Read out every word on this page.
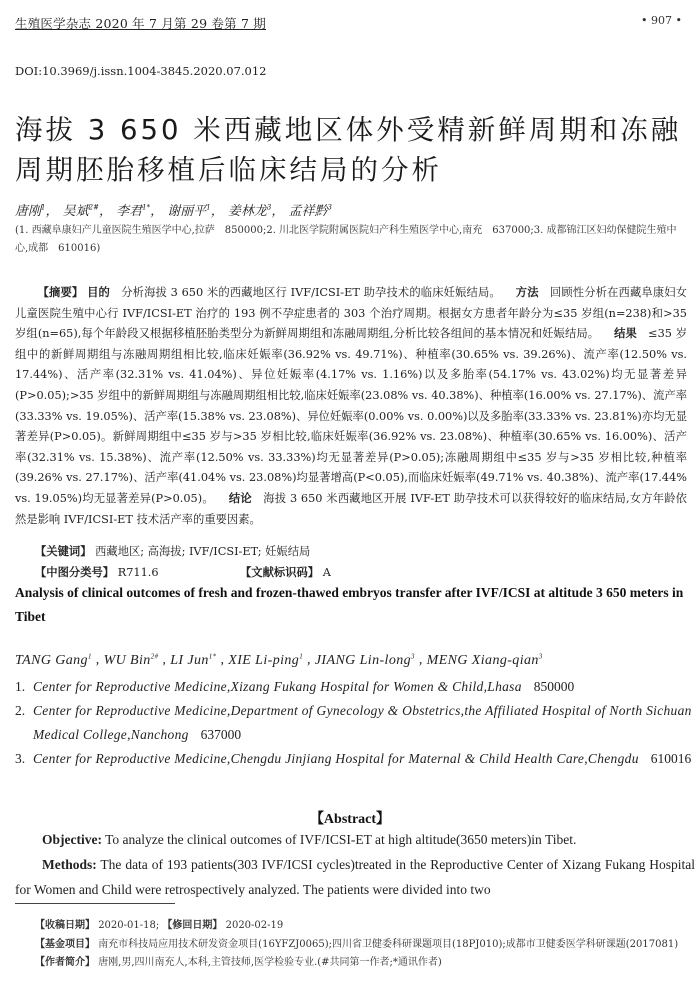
生殖医学杂志 2020 年 7 月第 29 卷第 7 期	• 907 •
DOI:10.3969/j.issn.1004-3845.2020.07.012
海拔 3 650 米西藏地区体外受精新鲜周期和冻融
周期胚胎移植后临床结局的分析
唐刚$^1$， 吴斌$^{2\#}$， 李君$^{1*}$， 谢丽平$^1$， 姜林龙$^3$， 孟祥黔$^3$
(1. 西藏阜康妇产儿童医院生殖医学中心,拉萨　850000;2. 川北医学院附属医院妇产科生殖医学中心,南充　637000;3. 成都锦江区妇幼保健院生殖中心,成都　610016)
【摘要】 目的 分析海拔 3 650 米的西藏地区行 IVF/ICSI-ET 助孕技术的临床妊娠结局。 方法 回顾性分析在西藏阜康妇女儿童医院生殖中心行 IVF/ICSI-ET 治疗的 193 例不孕症患者的 303 个治疗周期。根据女方患者年龄分为≤35 岁组(n=238)和>35 岁组(n=65),每个年龄段又根据移植胚胎类型分为新鲜周期组和冻融周期组,分析比较各组间的基本情况和妊娠结局。 结果 ≤35 岁组中的新鲜周期组与冻融周期组相比较,临床妊娠率(36.92% vs. 49.71%)、种植率(30.65% vs. 39.26%)、流产率(12.50% vs. 17.44%)、活产率(32.31% vs. 41.04%)、异位妊娠率(4.17% vs. 1.16%)以及多胎率(54.17% vs. 43.02%)均无显著差异(P>0.05);>35 岁组中的新鲜周期组与冻融周期组相比较,临床妊娠率(23.08% vs. 40.38%)、种植率(16.00% vs. 27.17%)、流产率(33.33% vs. 19.05%)、活产率(15.38% vs. 23.08%)、异位妊娠率(0.00% vs. 0.00%)以及多胎率(33.33% vs. 23.81%)亦均无显著差异(P>0.05)。新鲜周期组中≤35 岁与>35 岁相比较,临床妊娠率(36.92% vs. 23.08%)、种植率(30.65% vs. 16.00%)、活产率(32.31% vs. 15.38%)、流产率(12.50% vs. 33.33%)均无显著差异(P>0.05);冻融周期组中≤35 岁与>35 岁相比较,种植率(39.26% vs. 27.17%)、活产率(41.04% vs. 23.08%)均显著增高(P<0.05),而临床妊娠率(49.71% vs. 40.38%)、流产率(17.44% vs. 19.05%)均无显著差异(P>0.05)。 结论 海拔 3 650 米西藏地区开展 IVF-ET 助孕技术可以获得较好的临床结局,女方年龄依然是影响 IVF/ICSI-ET 技术活产率的重要因素。
【关键词】 西藏地区; 高海拔; IVF/ICSI-ET; 妊娠结局
【中图分类号】 R711.6	【文献标识码】 A
Analysis of clinical outcomes of fresh and frozen-thawed embryos transfer after IVF/ICSI at altitude 3 650 meters in Tibet
TANG Gang$^1$ , WU Bin$^{2\#}$ , LI Jun$^{1*}$ , XIE Li-ping$^1$ , JIANG Lin-long$^3$ , MENG Xiang-qian$^3$
1. Center for Reproductive Medicine,Xizang Fukang Hospital for Women & Child,Lhasa 850000
2. Center for Reproductive Medicine,Department of Gynecology & Obstetrics,the Affiliated Hospital of North Sichuan Medical College,Nanchong 637000
3. Center for Reproductive Medicine,Chengdu Jinjiang Hospital for Maternal & Child Health Care,Chengdu 610016
【Abstract】
Objective: To analyze the clinical outcomes of IVF/ICSI-ET at high altitude(3650 meters)in Tibet.
Methods: The data of 193 patients(303 IVF/ICSI cycles)treated in the Reproductive Center of Xizang Fukang Hospital for Women and Child were retrospectively analyzed. The patients were divided into two
【收稿日期】 2020-01-18; 【修回日期】 2020-02-19
【基金项目】 南充市科技局应用技术研发资金项目(16YFZJ0065);四川省卫健委科研课题项目(18PJ010);成都市卫健委医学科研课题(2017081)
【作者简介】 唐刚,男,四川南充人,本科,主管技师,医学检验专业.(#共同第一作者;*通讯作者)
